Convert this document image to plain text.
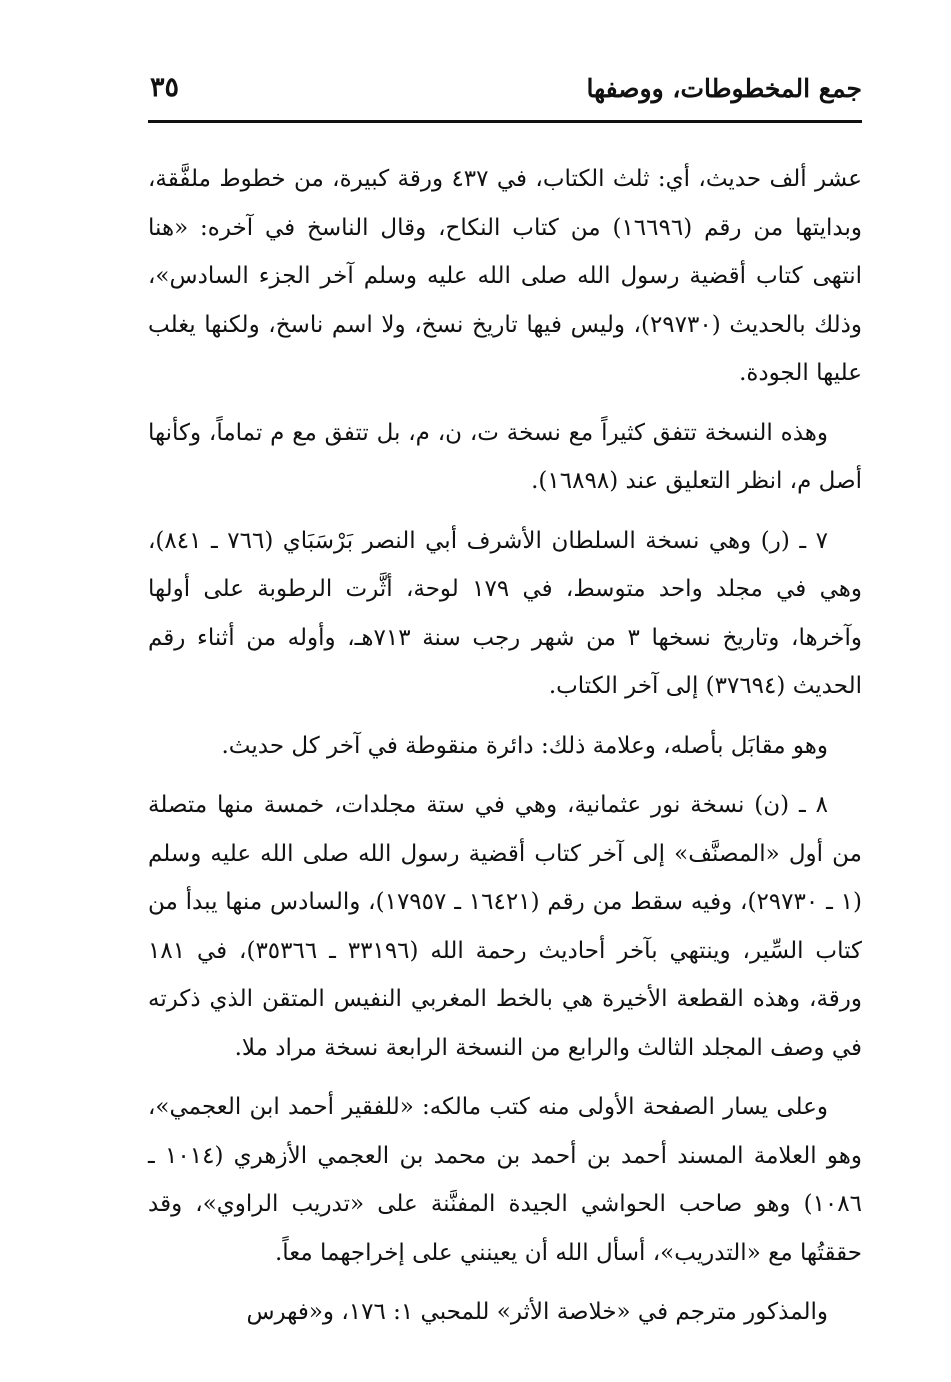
جمع المخطوطات، ووصفها
٣٥

عشر ألف حديث، أي: ثلث الكتاب، في ٤٣٧ ورقة كبيرة، من خطوط ملفَّقة، وبدايتها من رقم (١٦٦٩٦) من كتاب النكاح، وقال الناسخ في آخره: «هنا انتهى كتاب أقضية رسول الله صلى الله عليه وسلم آخر الجزء السادس»، وذلك بالحديث (٢٩٧٣٠)، وليس فيها تاريخ نسخ، ولا اسم ناسخ، ولكنها يغلب عليها الجودة.

وهذه النسخة تتفق كثيراً مع نسخة ت، ن، م، بل تتفق مع م تماماً، وكأنها أصل م، انظر التعليق عند (١٦٨٩٨).

٧ ـ (ر) وهي نسخة السلطان الأشرف أبي النصر بَرْسَبَاي (٧٦٦ ـ ٨٤١)، وهي في مجلد واحد متوسط، في ١٧٩ لوحة، أثَّرت الرطوبة على أولها وآخرها، وتاريخ نسخها ٣ من شهر رجب سنة ٧١٣هـ، وأوله من أثناء رقم الحديث (٣٧٦٩٤) إلى آخر الكتاب.

وهو مقابَل بأصله، وعلامة ذلك: دائرة منقوطة في آخر كل حديث.

٨ ـ (ن) نسخة نور عثمانية، وهي في ستة مجلدات، خمسة منها متصلة من أول «المصنَّف» إلى آخر كتاب أقضية رسول الله صلى الله عليه وسلم (١ ـ ٢٩٧٣٠)، وفيه سقط من رقم (١٦٤٢١ ـ ١٧٩٥٧)، والسادس منها يبدأ من كتاب السِّير، وينتهي بآخر أحاديث رحمة الله (٣٣١٩٦ ـ ٣٥٣٦٦)، في ١٨١ ورقة، وهذه القطعة الأخيرة هي بالخط المغربي النفيس المتقن الذي ذكرته في وصف المجلد الثالث والرابع من النسخة الرابعة نسخة مراد ملا.

وعلى يسار الصفحة الأولى منه كتب مالكه: «للفقير أحمد ابن العجمي»، وهو العلامة المسند أحمد بن أحمد بن محمد بن العجمي الأزهري (١٠١٤ ـ ١٠٨٦) وهو صاحب الحواشي الجيدة المفنَّنة على «تدريب الراوي»، وقد حققتُها مع «التدريب»، أسأل الله أن يعينني على إخراجهما معاً.

والمذكور مترجم في «خلاصة الأثر» للمحبي ١: ١٧٦، و«فهرس
